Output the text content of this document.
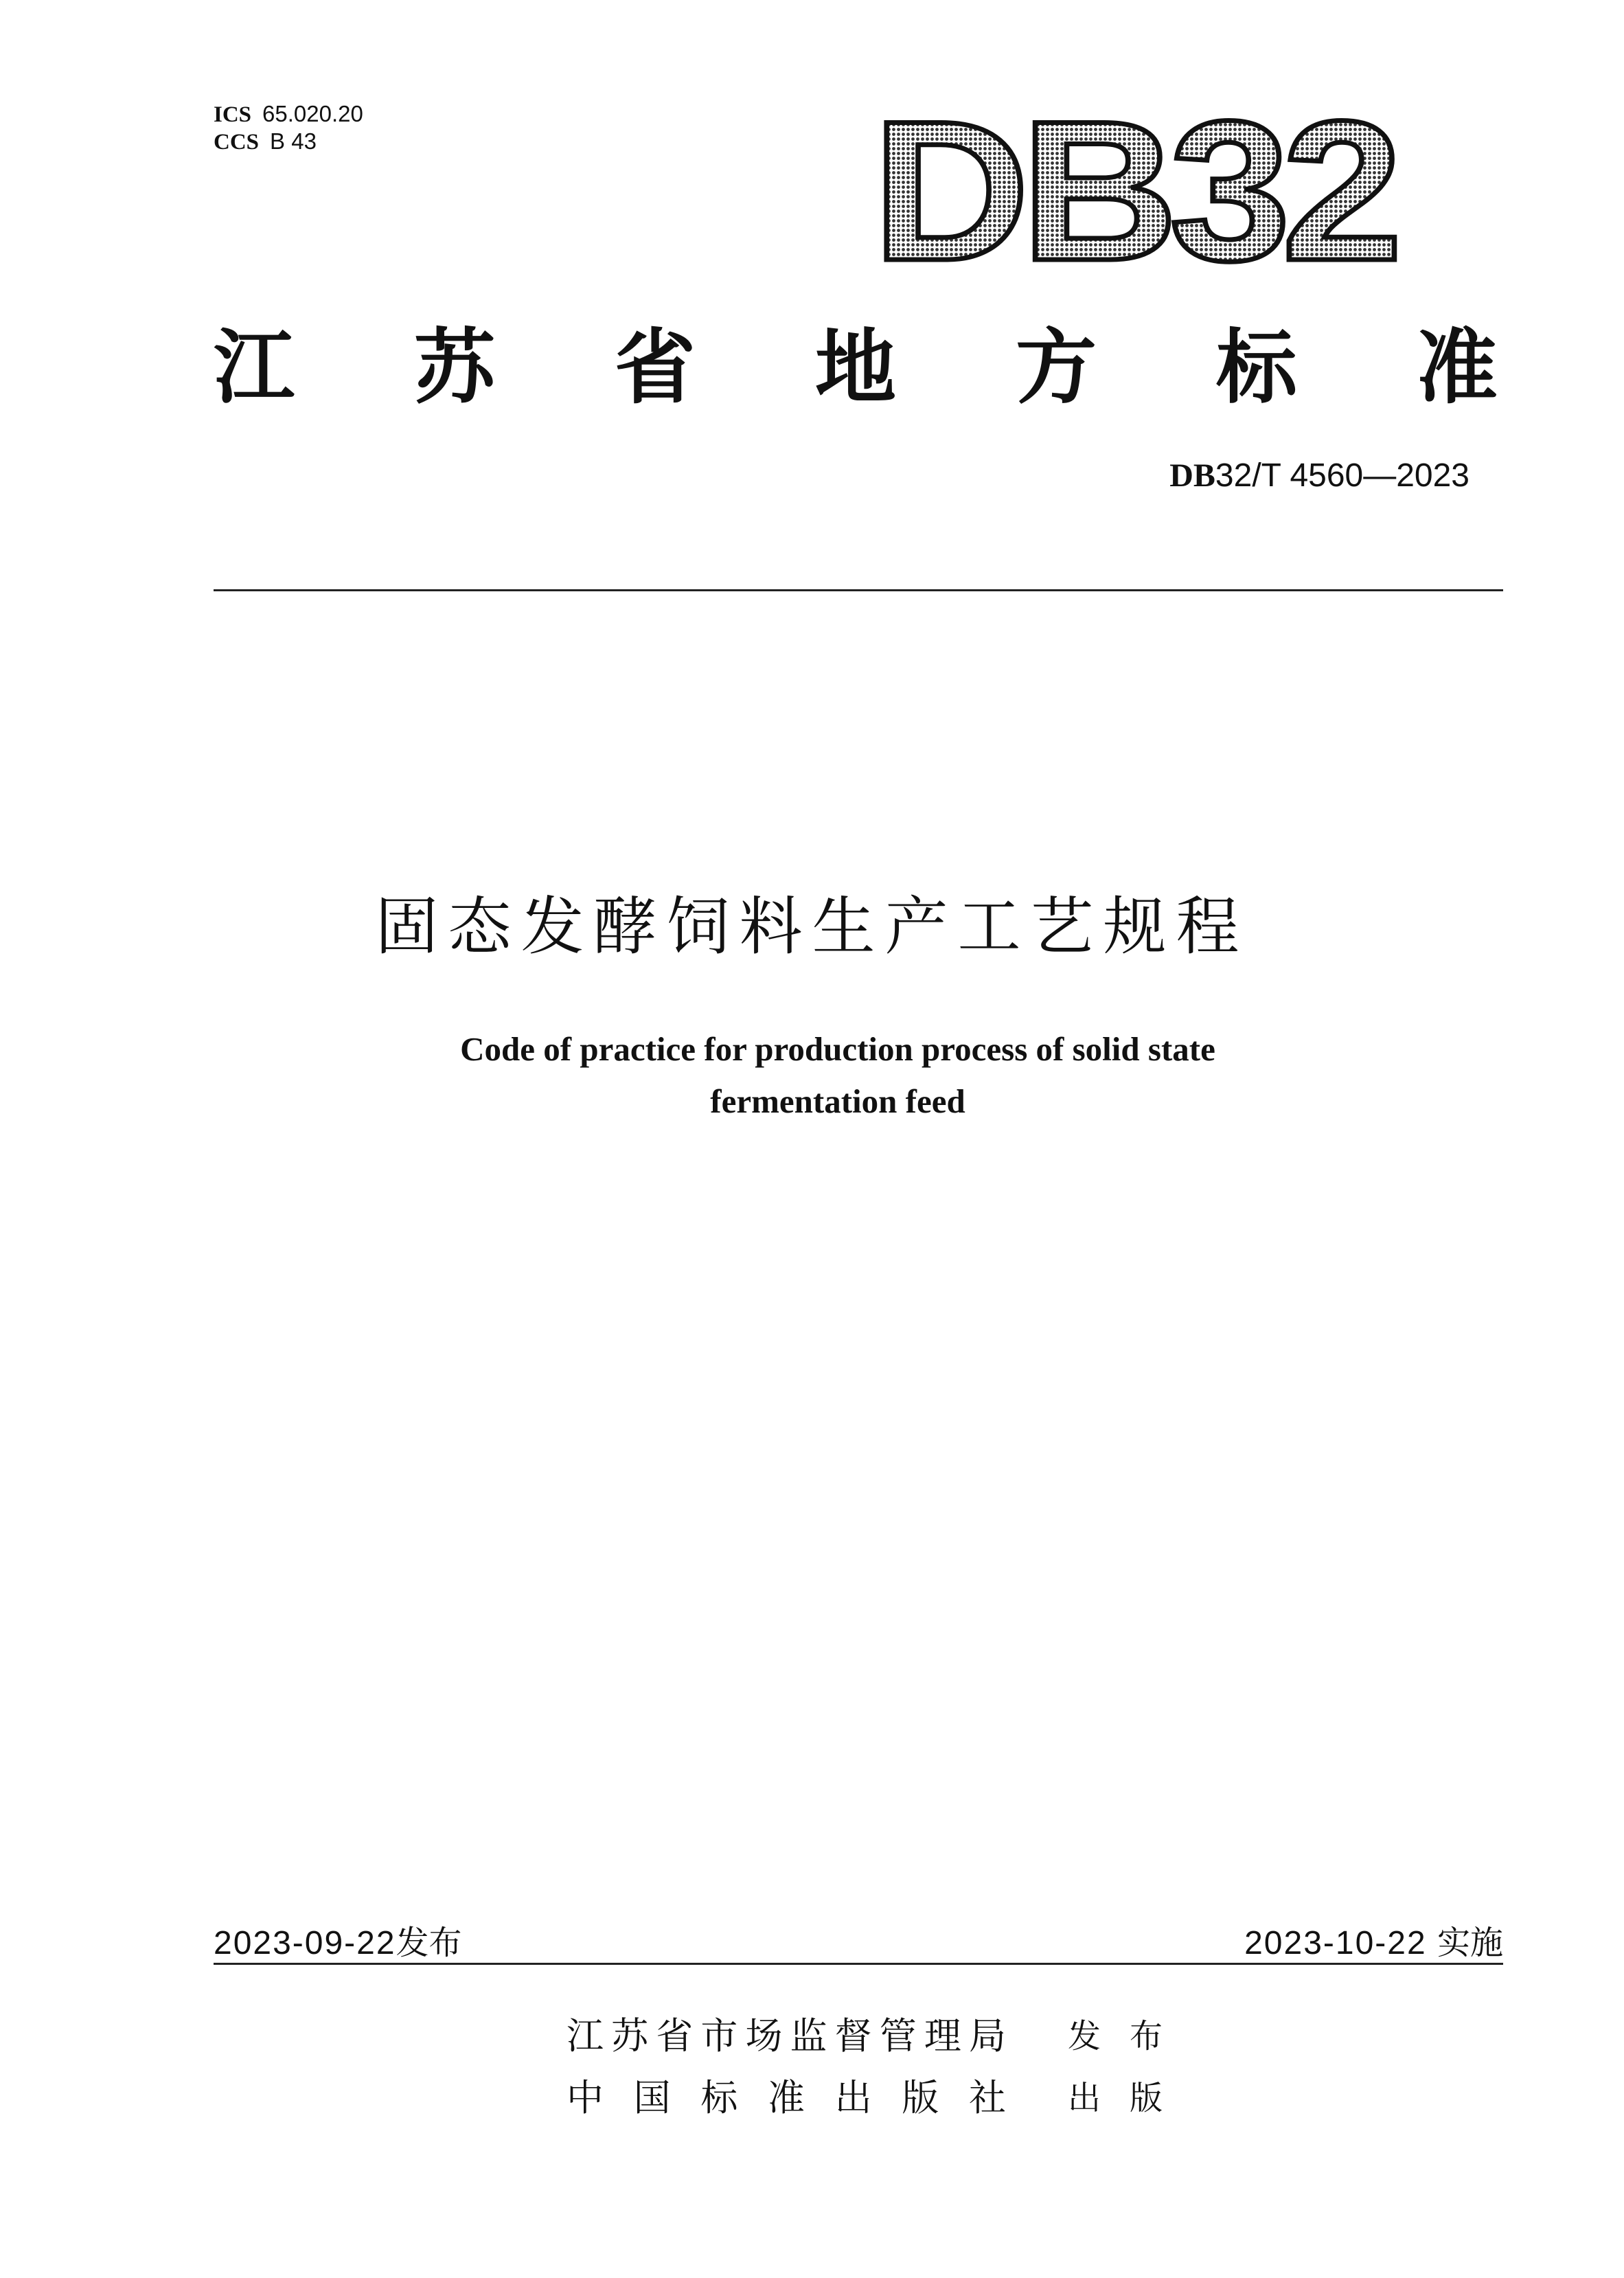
ICS 65.020.20
CCS B 43	DB32
江 苏 省 地 方 标 准
DB32/T 4560—2023
固态发酵饲料生产工艺规程
Code of practice for production process of solid state
fermentation feed
2023-09-22发布	2023-10-22 实施
江 苏 省 市 场 监 督 管 理 局 发 布
中 国 标 准 出 版 社 出 版
